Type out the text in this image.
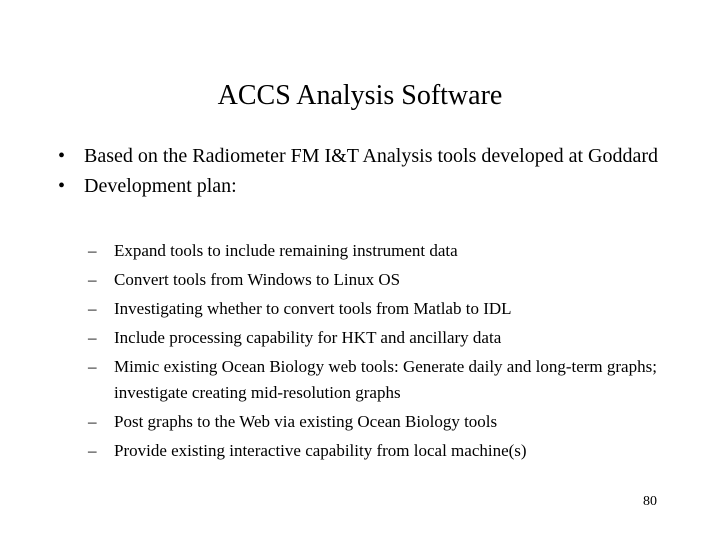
ACCS Analysis Software
• Based on the Radiometer FM I&T Analysis tools developed at Goddard
• Development plan:
–	Expand tools to include remaining instrument data
–	Convert tools from Windows to Linux OS
–	Investigating whether to convert tools from Matlab to IDL
–	Include processing capability for HKT and ancillary data
–	Mimic existing Ocean Biology web tools: Generate daily and long-term graphs; investigate creating mid-resolution graphs
–	Post graphs to the Web via existing Ocean Biology tools
–	Provide existing interactive capability from local machine(s)
80
